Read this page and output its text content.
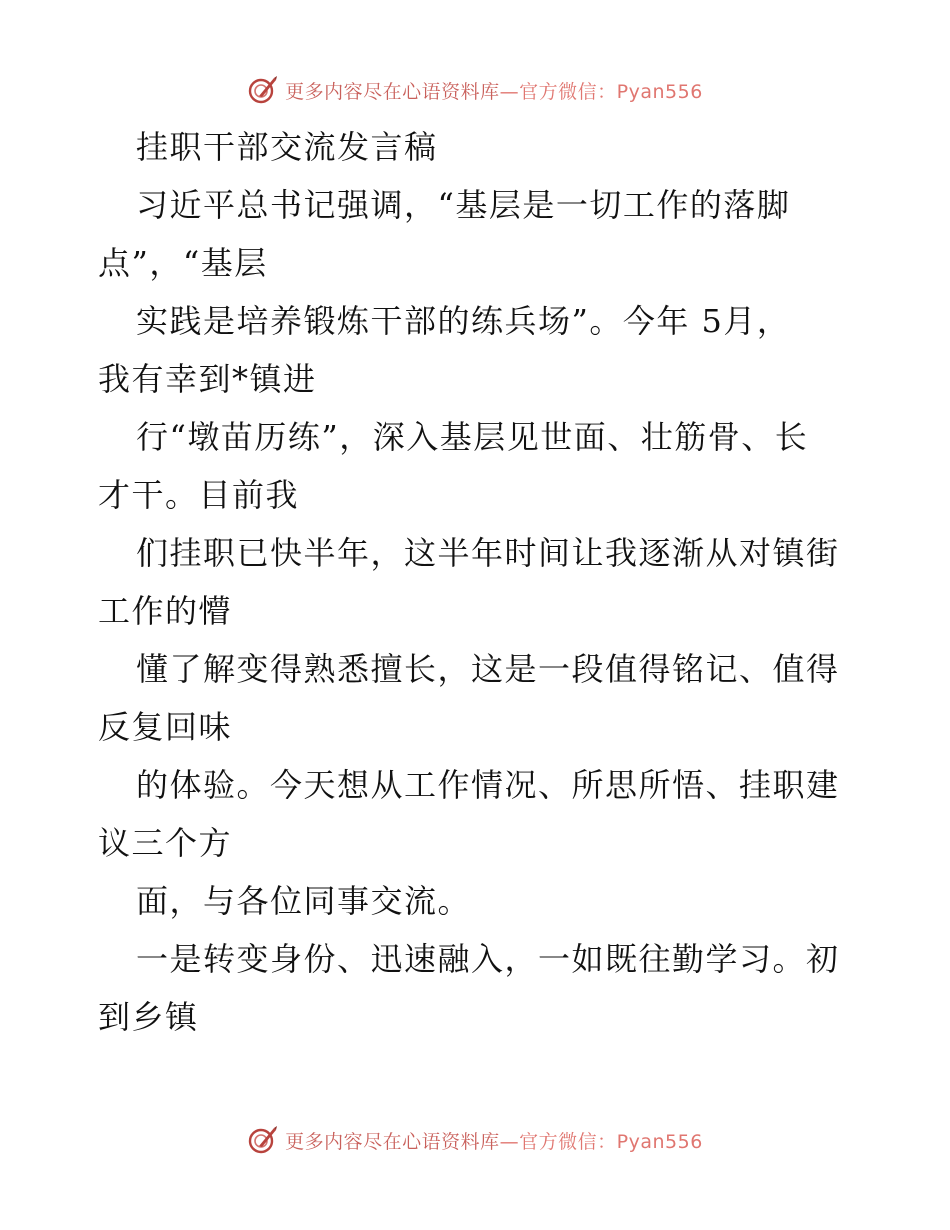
更多内容尽在心语资料库—官方微信：Pyan556
挂职干部交流发言稿
习近平总书记强调，“基层是一切工作的落脚
点”，“基层
实践是培养锻炼干部的练兵场”。今年 5月，
我有幸到*镇进
行“墩苗历练”，深入基层见世面、壮筋骨、长
才干。目前我
们挂职已快半年，这半年时间让我逐渐从对镇街
工作的懵
懂了解变得熟悉擅长，这是一段值得铭记、值得
反复回味
的体验。今天想从工作情况、所思所悟、挂职建
议三个方
面，与各位同事交流。
一是转变身份、迅速融入，一如既往勤学习。初
到乡镇
更多内容尽在心语资料库—官方微信：Pyan556
